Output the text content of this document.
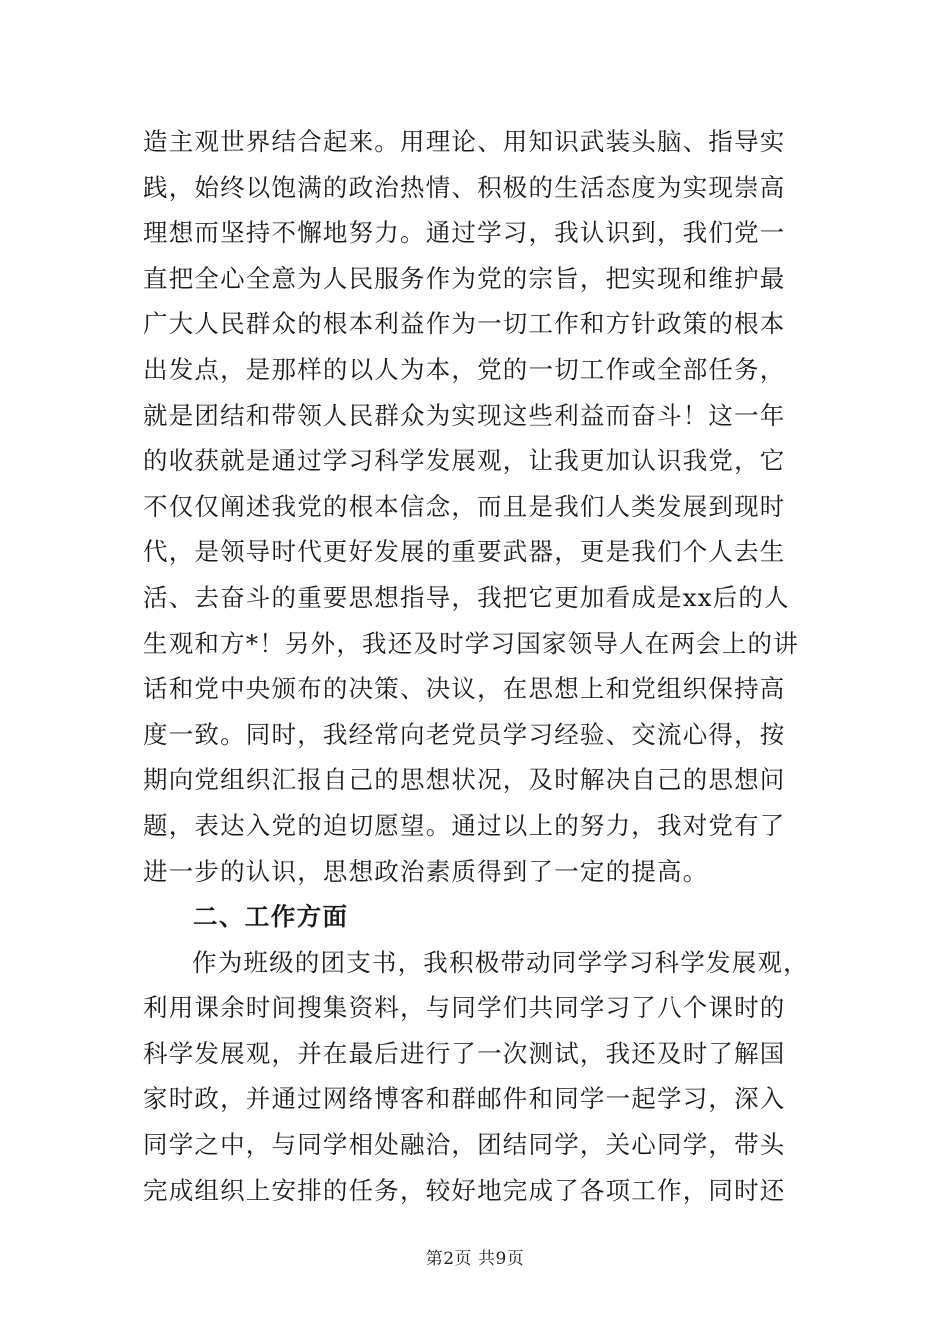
造主观世界结合起来。用理论、用知识武装头脑、指导实
践，始终以饱满的政治热情、积极的生活态度为实现崇高
理想而坚持不懈地努力。通过学习，我认识到，我们党一
直把全心全意为人民服务作为党的宗旨，把实现和维护最
广大人民群众的根本利益作为一切工作和方针政策的根本
出发点，是那样的以人为本，党的一切工作或全部任务，
就是团结和带领人民群众为实现这些利益而奋斗！这一年
的收获就是通过学习科学发展观，让我更加认识我党，它
不仅仅阐述我党的根本信念，而且是我们人类发展到现时
代，是领导时代更好发展的重要武器，更是我们个人去生
活、去奋斗的重要思想指导，我把它更加看成是xx后的人
生观和方*！另外，我还及时学习国家领导人在两会上的讲
话和党中央颁布的决策、决议，在思想上和党组织保持高
度一致。同时，我经常向老党员学习经验、交流心得，按
期向党组织汇报自己的思想状况，及时解决自己的思想问
题，表达入党的迫切愿望。通过以上的努力，我对党有了
进一步的认识，思想政治素质得到了一定的提高。
二、工作方面
作为班级的团支书，我积极带动同学学习科学发展观，
利用课余时间搜集资料，与同学们共同学习了八个课时的
科学发展观，并在最后进行了一次测试，我还及时了解国
家时政，并通过网络博客和群邮件和同学一起学习，深入
同学之中，与同学相处融洽，团结同学，关心同学，带头
完成组织上安排的任务，较好地完成了各项工作，同时还
第2页 共9页
